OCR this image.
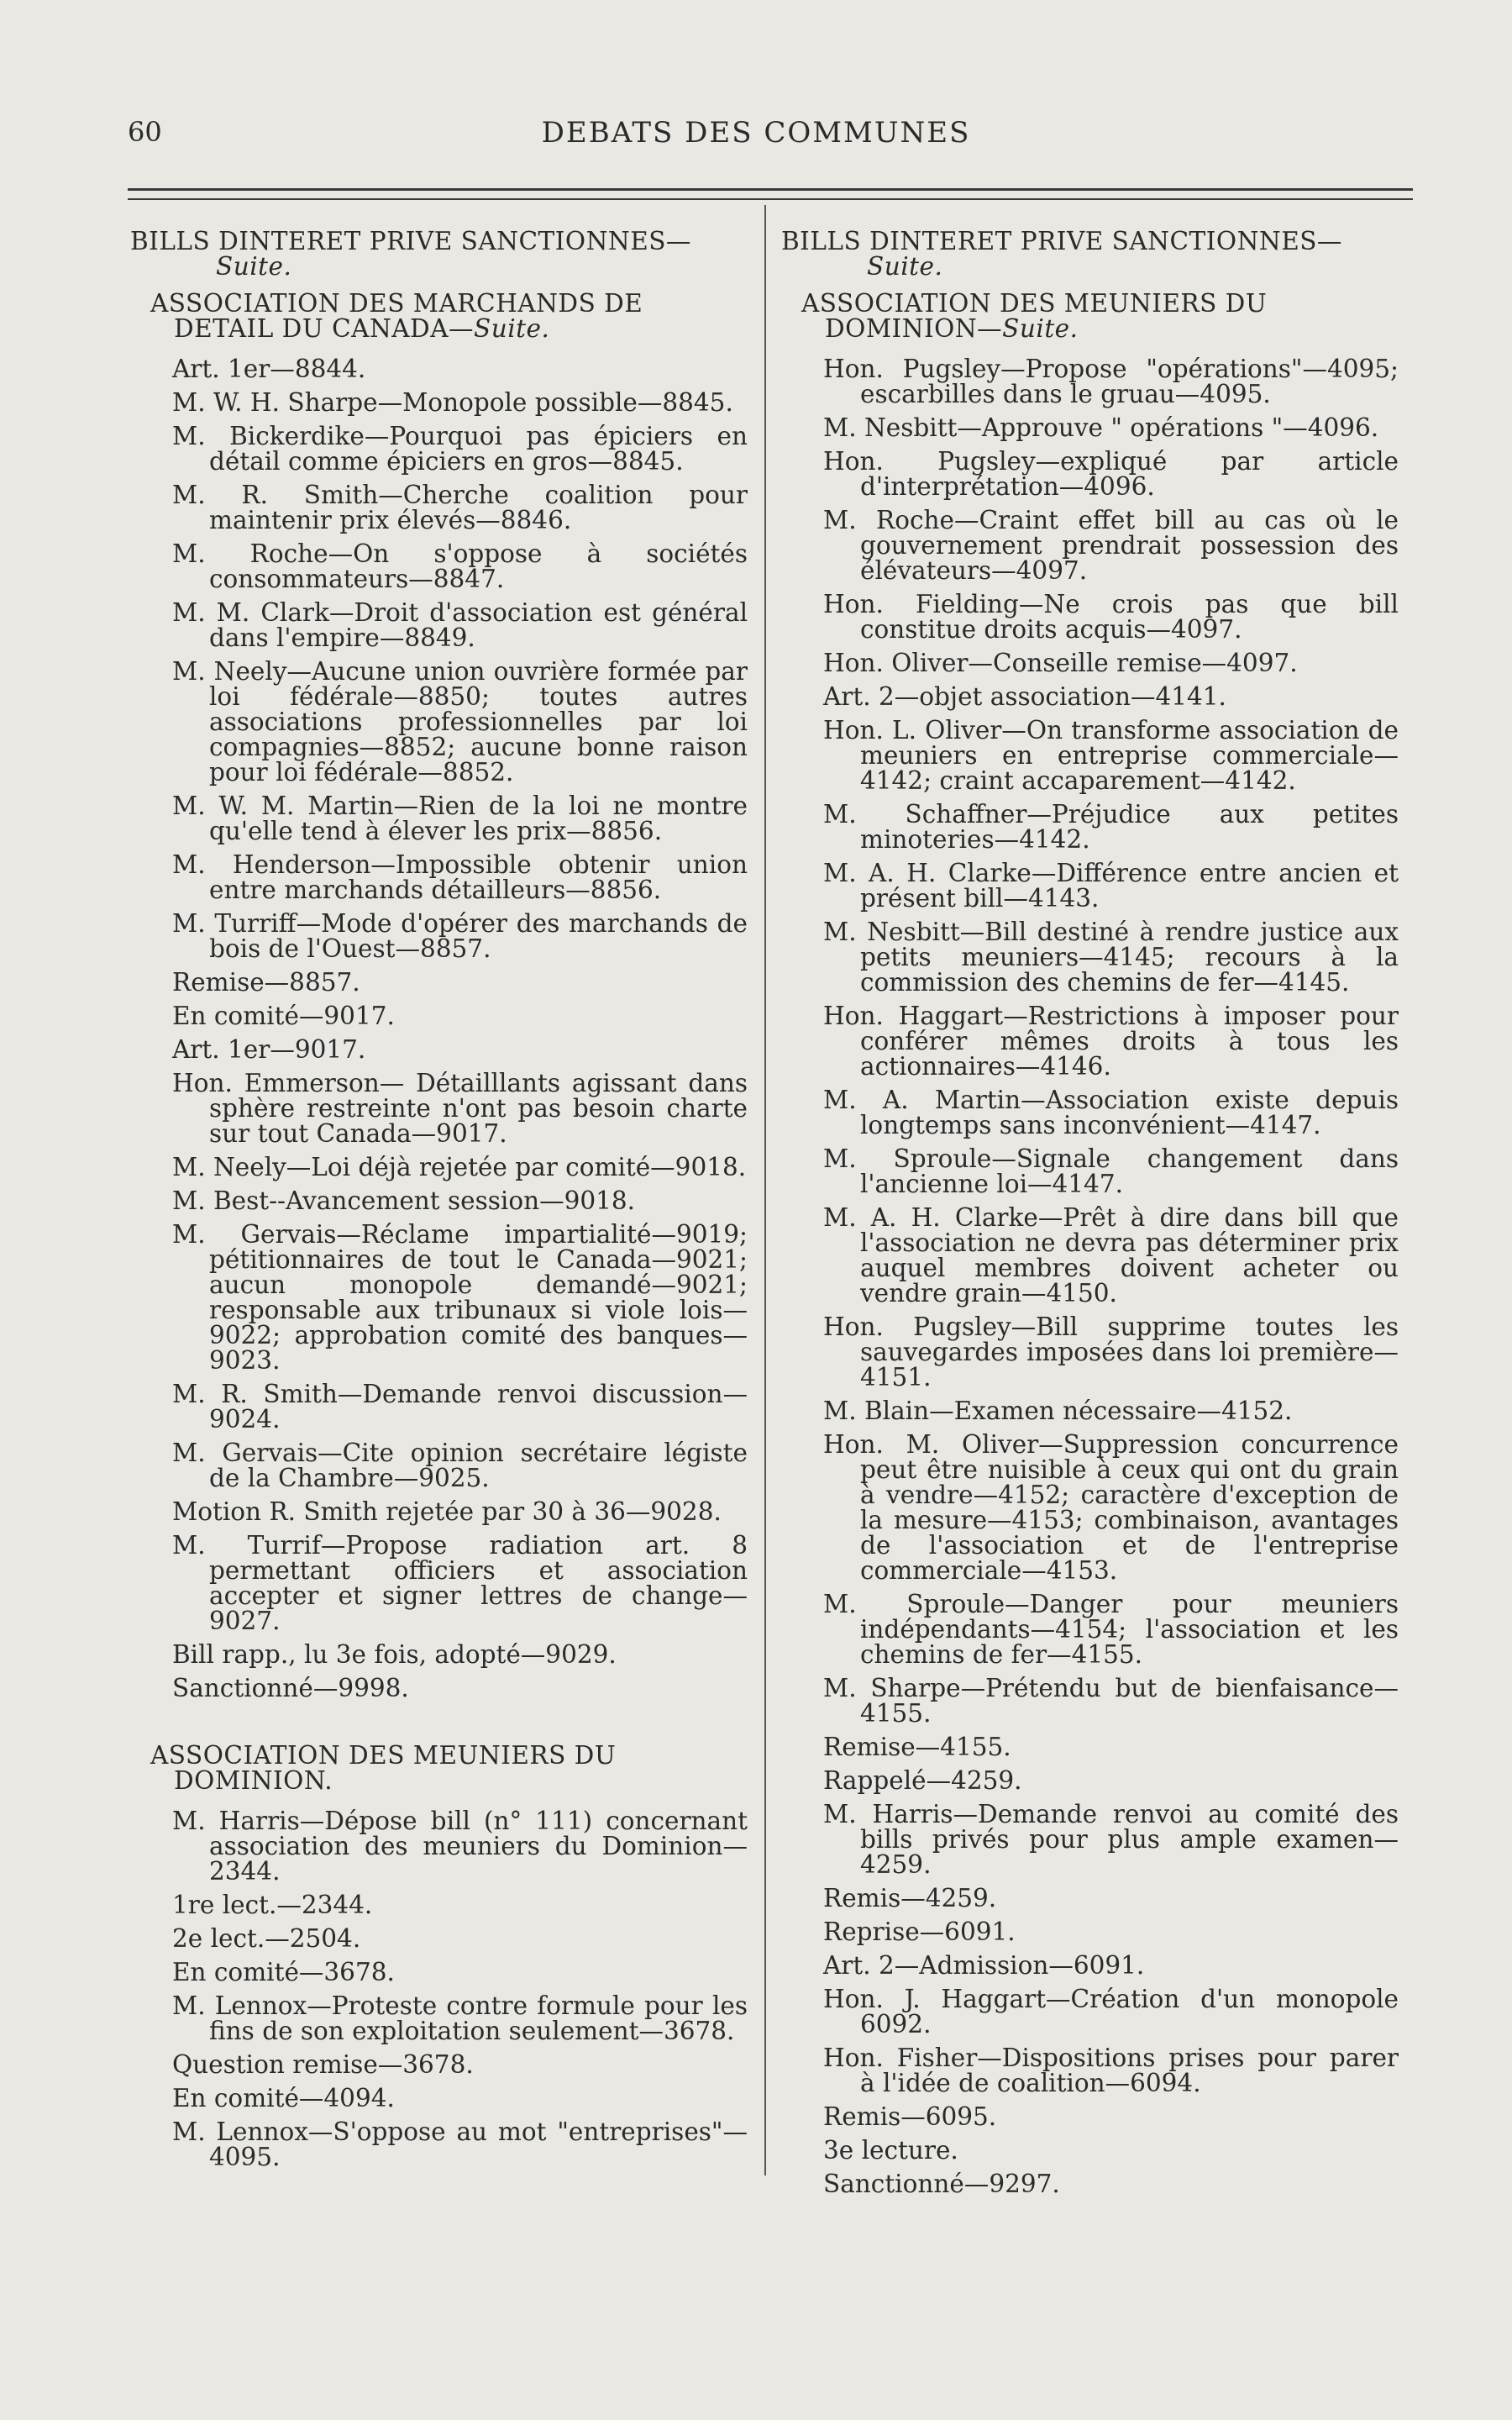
60	DEBATS DES COMMUNES
BILLS DINTERET PRIVE SANCTIONNES—
Suite.
ASSOCIATION DES MARCHANDS DE DETAIL DU CANADA—Suite.

Art. 1er—8844.

M. W. H. Sharpe—Monopole possible—8845.

M. Bickerdike—Pourquoi pas épiciers en détail comme épiciers en gros—8845.

M. R. Smith—Cherche coalition pour maintenir prix élevés—8846.

M. Roche—On s'oppose à sociétés consommateurs—8847.

M. M. Clark—Droit d'association est général dans l'empire—8849.

M. Neely—Aucune union ouvrière formée par loi fédérale—8850; toutes autres associations professionnelles par loi compagnies—8852; aucune bonne raison pour loi fédérale—8852.

M. W. M. Martin—Rien de la loi ne montre qu'elle tend à élever les prix—8856.

M. Henderson—Impossible obtenir union entre marchands détailleurs—8856.

M. Turriff—Mode d'opérer des marchands de bois de l'Ouest—8857.

Remise—8857.

En comité—9017.

Art. 1er—9017.

Hon. Emmerson— Détailllants agissant dans sphère restreinte n'ont pas besoin charte sur tout Canada—9017.

M. Neely—Loi déjà rejetée par comité—9018.

M. Best--Avancement session—9018.

M. Gervais—Réclame impartialité—9019; pétitionnaires de tout le Canada—9021; aucun monopole demandé—9021; responsable aux tribunaux si viole lois—9022; approbation comité des banques—9023.

M. R. Smith—Demande renvoi discussion—9024.

M. Gervais—Cite opinion secrétaire légiste de la Chambre—9025.

Motion R. Smith rejetée par 30 à 36—9028.

M. Turrif—Propose radiation art. 8 permettant officiers et association accepter et signer lettres de change—9027.

Bill rapp., lu 3e fois, adopté—9029.

Sanctionné—9998.

ASSOCIATION DES MEUNIERS DU DOMINION.

M. Harris—Dépose bill (n° 111) concernant association des meuniers du Dominion—2344.

1re lect.—2344.

2e lect.—2504.

En comité—3678.

M. Lennox—Proteste contre formule pour les fins de son exploitation seulement—3678.

Question remise—3678.

En comité—4094.

M. Lennox—S'oppose au mot "entreprises"—4095.

BILLS DINTERET PRIVE SANCTIONNES—
Suite.
ASSOCIATION DES MEUNIERS DU DOMINION—Suite.

Hon. Pugsley—Propose "opérations"—4095; escarbilles dans le gruau—4095.

M. Nesbitt—Approuve " opérations "—4096.

Hon. Pugsley—expliqué par article d'interprétation—4096.

M. Roche—Craint effet bill au cas où le gouvernement prendrait possession des élévateurs—4097.

Hon. Fielding—Ne crois pas que bill constitue droits acquis—4097.

Hon. Oliver—Conseille remise—4097.

Art. 2—objet association—4141.

Hon. L. Oliver—On transforme association de meuniers en entreprise commerciale—4142; craint accaparement—4142.

M. Schaffner—Préjudice aux petites minoteries—4142.

M. A. H. Clarke—Différence entre ancien et présent bill—4143.

M. Nesbitt—Bill destiné à rendre justice aux petits meuniers—4145; recours à la commission des chemins de fer—4145.

Hon. Haggart—Restrictions à imposer pour conférer mêmes droits à tous les actionnaires—4146.

M. A. Martin—Association existe depuis longtemps sans inconvénient—4147.

M. Sproule—Signale changement dans l'ancienne loi—4147.

M. A. H. Clarke—Prêt à dire dans bill que l'association ne devra pas déterminer prix auquel membres doivent acheter ou vendre grain—4150.

Hon. Pugsley—Bill supprime toutes les sauvegardes imposées dans loi première—4151.

M. Blain—Examen nécessaire—4152.

Hon. M. Oliver—Suppression concurrence peut être nuisible à ceux qui ont du grain à vendre—4152; caractère d'exception de la mesure—4153; combinaison, avantages de l'association et de l'entreprise commerciale—4153.

M. Sproule—Danger pour meuniers indépendants—4154; l'association et les chemins de fer—4155.

M. Sharpe—Prétendu but de bienfaisance—4155.

Remise—4155.

Rappelé—4259.

M. Harris—Demande renvoi au comité des bills privés pour plus ample examen—4259.

Remis—4259.

Reprise—6091.

Art. 2—Admission—6091.

Hon. J. Haggart—Création d'un monopole 6092.

Hon. Fisher—Dispositions prises pour parer à l'idée de coalition—6094.

Remis—6095.

3e lecture.

Sanctionné—9297.
